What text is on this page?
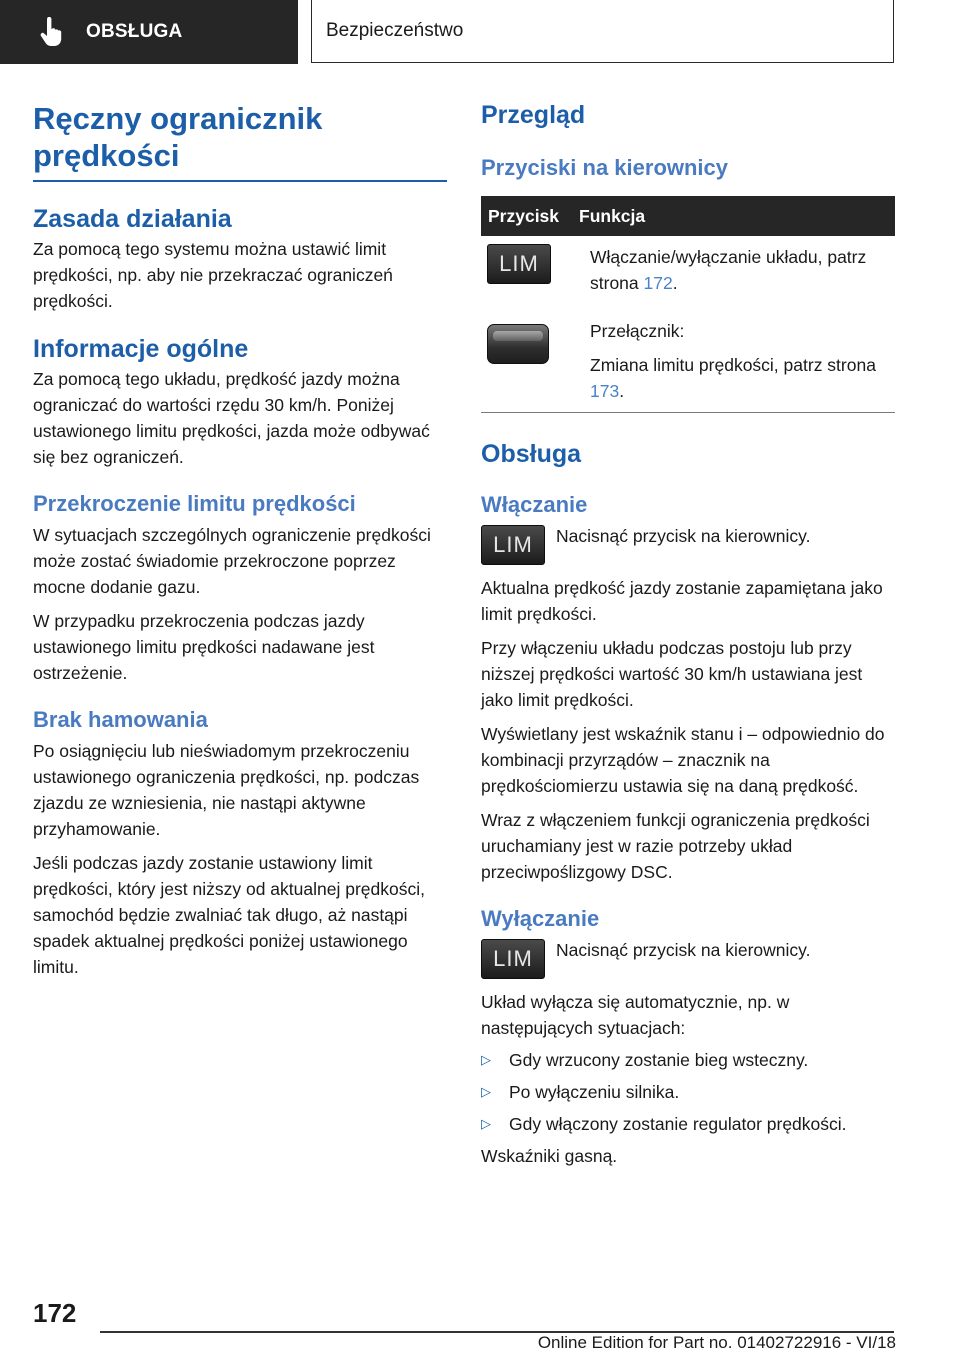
OBSŁUGA	Bezpieczeństwo
Ręczny ogranicznik prędkości
Zasada działania

Za pomocą tego systemu można ustawić limit prędkości, np. aby nie przekraczać ograniczeń prędkości.

Informacje ogólne

Za pomocą tego układu, prędkość jazdy można ograniczać do wartości rzędu 30 km/h. Poniżej ustawionego limitu prędkości, jazda może odbywać się bez ograniczeń.

Przekroczenie limitu prędkości

W sytuacjach szczególnych ograniczenie prędkości może zostać świadomie przekroczone poprzez mocne dodanie gazu.

W przypadku przekroczenia podczas jazdy ustawionego limitu prędkości nadawane jest ostrzeżenie.

Brak hamowania

Po osiągnięciu lub nieświadomym przekroczeniu ustawionego ograniczenia prędkości, np. podczas zjazdu ze wzniesienia, nie nastąpi aktywne przyhamowanie.

Jeśli podczas jazdy zostanie ustawiony limit prędkości, który jest niższy od aktualnej prędkości, samochód będzie zwalniać tak długo, aż nastąpi spadek aktualnej prędkości poniżej ustawionego limitu.

Przegląd
Przyciski na kierownicy
Przycisk	Funkcja

LIM	Włączanie/wyłączanie układu, patrz strona 172.

	Przełącznik:
Zmiana limitu prędkości, patrz strona 173.
Obsługa
Włączanie
LIM Nacisnąć przycisk na kierownicy.

Aktualna prędkość jazdy zostanie zapamiętana jako limit prędkości.

Przy włączeniu układu podczas postoju lub przy niższej prędkości wartość 30 km/h ustawiana jest jako limit prędkości.

Wyświetlany jest wskaźnik stanu i – odpowiednio do kombinacji przyrządów – znacznik na prędkościomierzu ustawia się na daną prędkość.

Wraz z włączeniem funkcji ograniczenia prędkości uruchamiany jest w razie potrzeby układ przeciwpoślizgowy DSC.

Wyłączanie
LIM Nacisnąć przycisk na kierownicy.

Układ wyłącza się automatycznie, np. w następujących sytuacjach:

▷	Gdy wrzucony zostanie bieg wsteczny.
▷	Po wyłączeniu silnika.
▷	Gdy włączony zostanie regulator prędkości.

Wskaźniki gasną.

172
Online Edition for Part no. 01402722916 - VI/18
